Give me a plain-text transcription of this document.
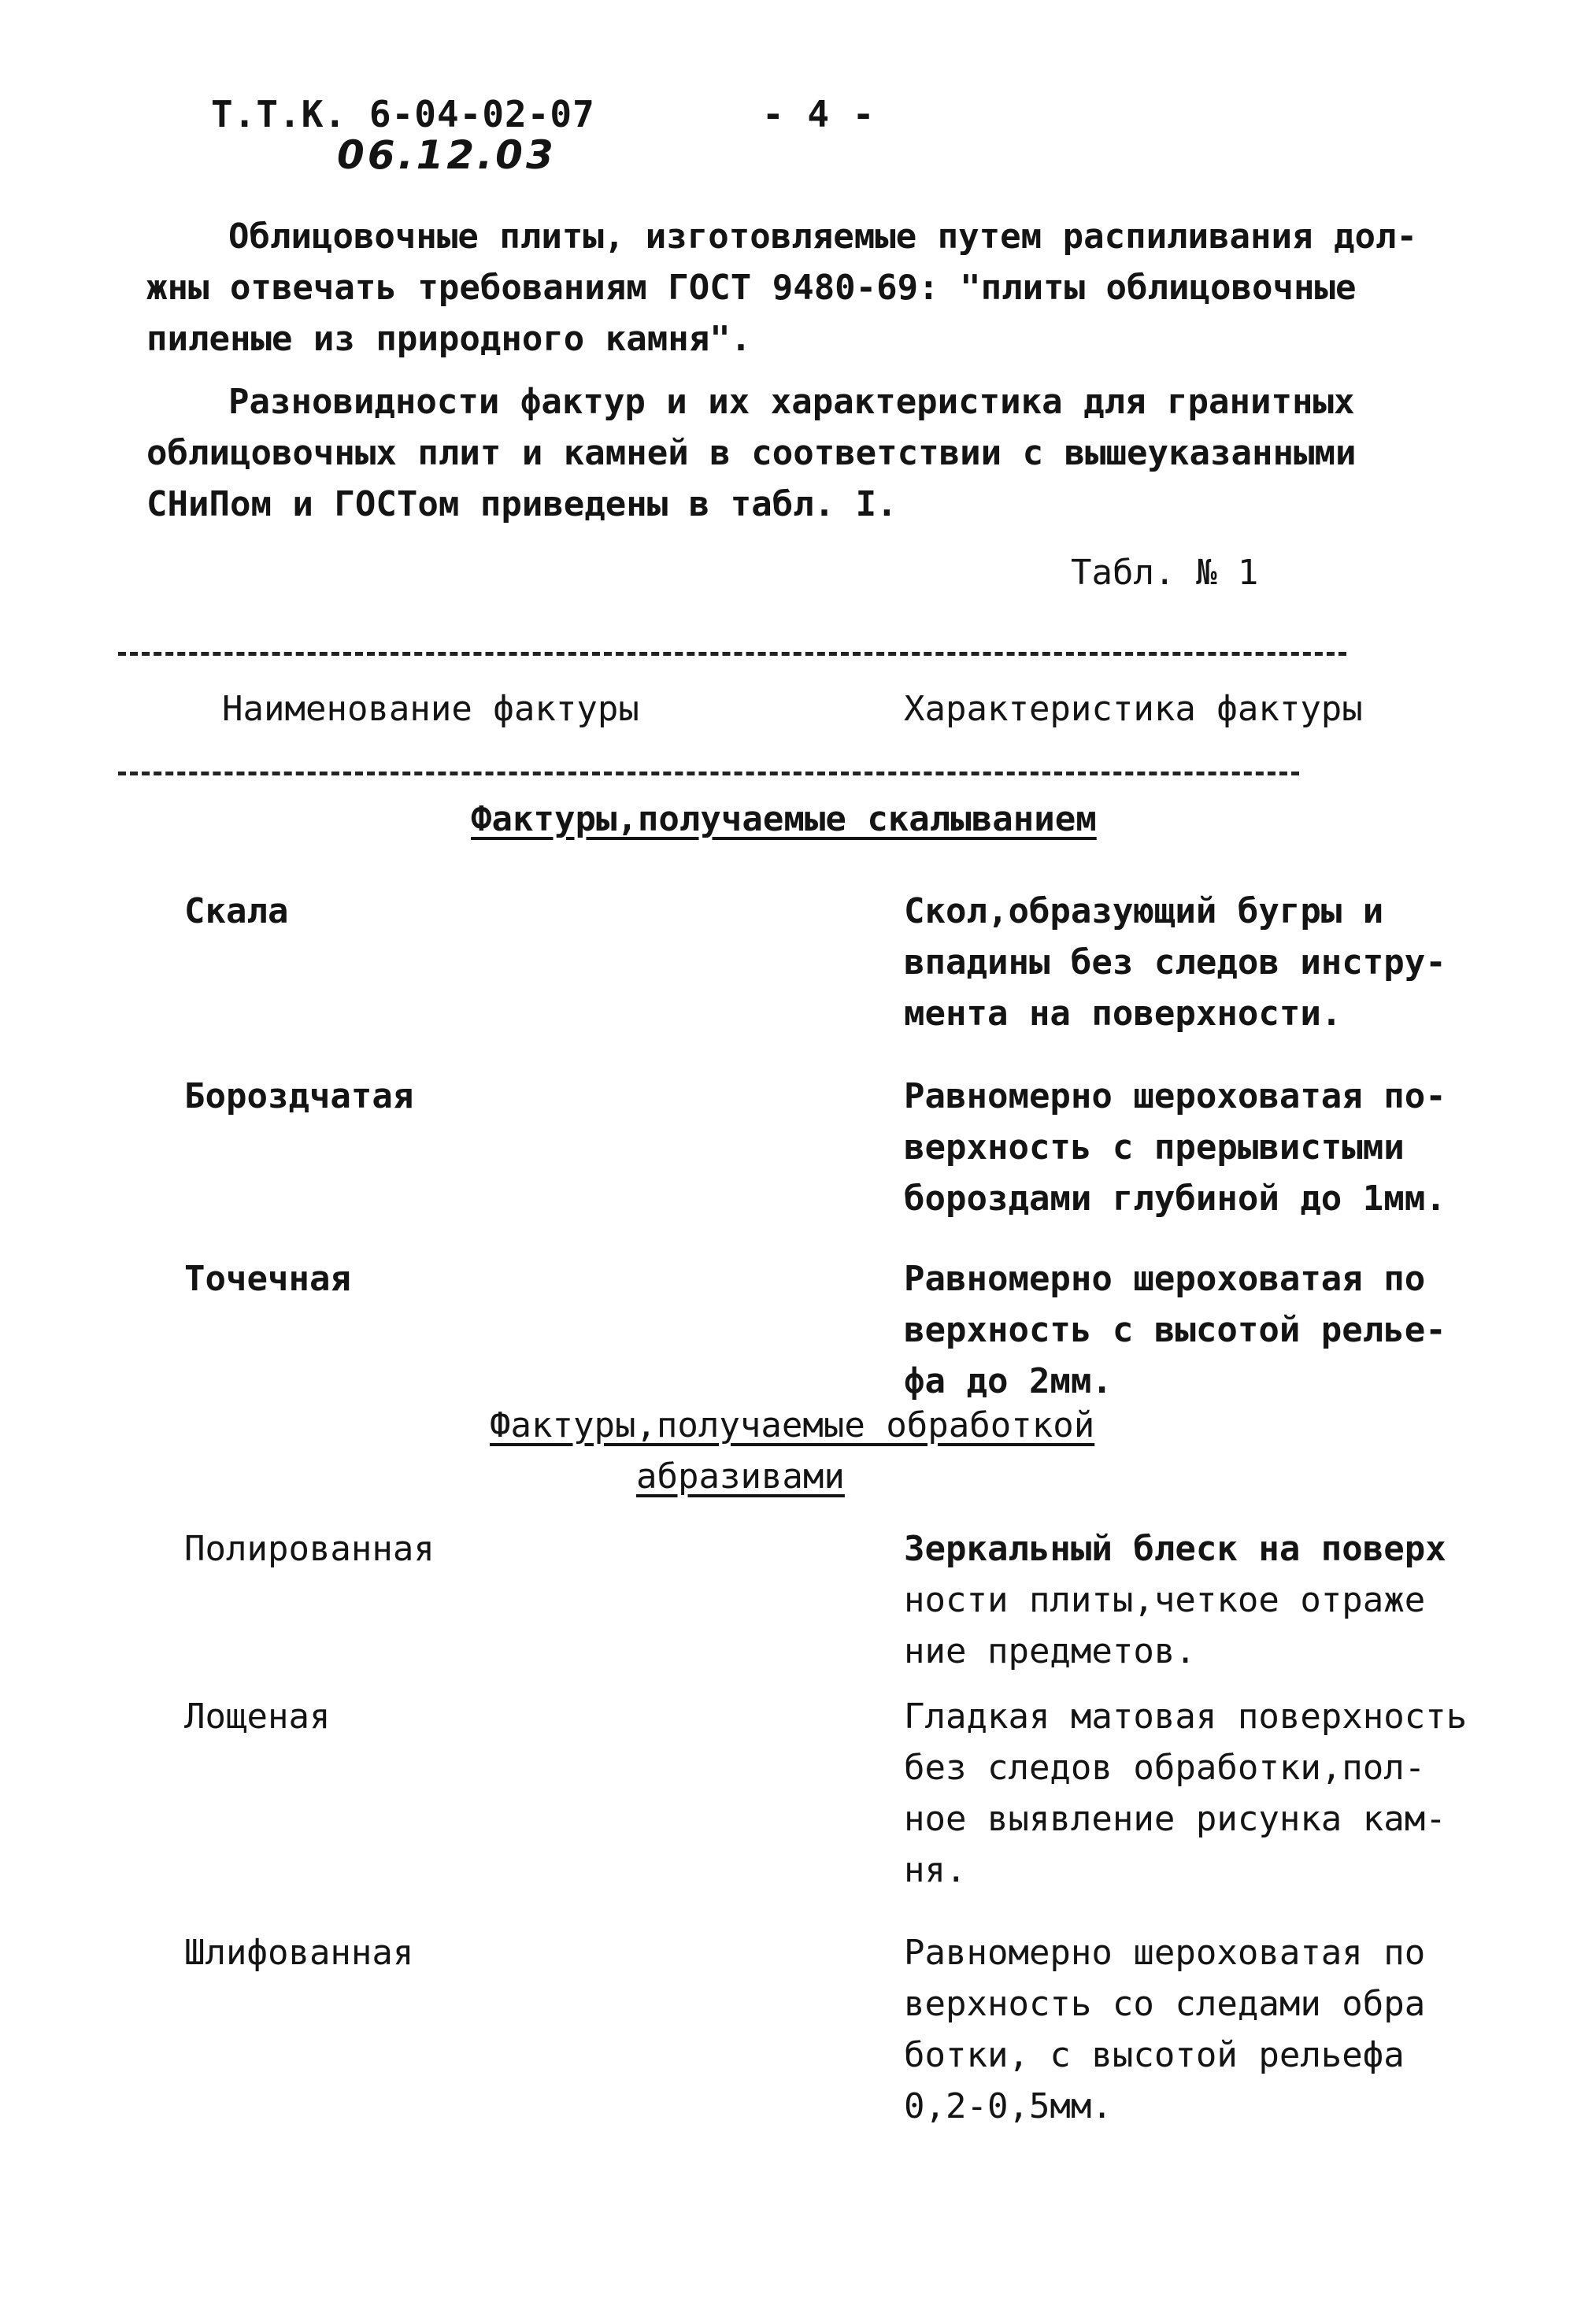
Т.Т.К. 6-04-02-07	- 4 -
06.12.03
Облицовочные плиты, изготовляемые путем распиливания дол-
жны отвечать требованиям ГОСТ 9480-69: "плиты облицовочные
пиленые из природного камня".
Разновидности фактур и их характеристика для гранитных
облицовочных плит и камней в соответствии с вышеуказанными
СНиПом и ГОСТом приведены в табл. I.
Табл. № 1
Наименование фактуры	Характеристика фактуры
Фактуры,получаемые скалыванием
Скала	Скол,образующий бугры и
впадины без следов инстру-
мента на поверхности.
Бороздчатая	Равномерно шероховатая по-
верхность с прерывистыми
бороздами глубиной до 1мм.
Точечная	Равномерно шероховатая по
верхность с высотой релье-
фа до 2мм.
Фактуры,получаемые обработкой
абразивами
Полированная	Зеркальный блеск на поверх
ности плиты,четкое отраже
ние предметов.
Лощеная	Гладкая матовая поверхность
без следов обработки,пол-
ное выявление рисунка кам-
ня.
Шлифованная	Равномерно шероховатая по
верхность со следами обра
ботки, с высотой рельефа
0,2-0,5мм.
